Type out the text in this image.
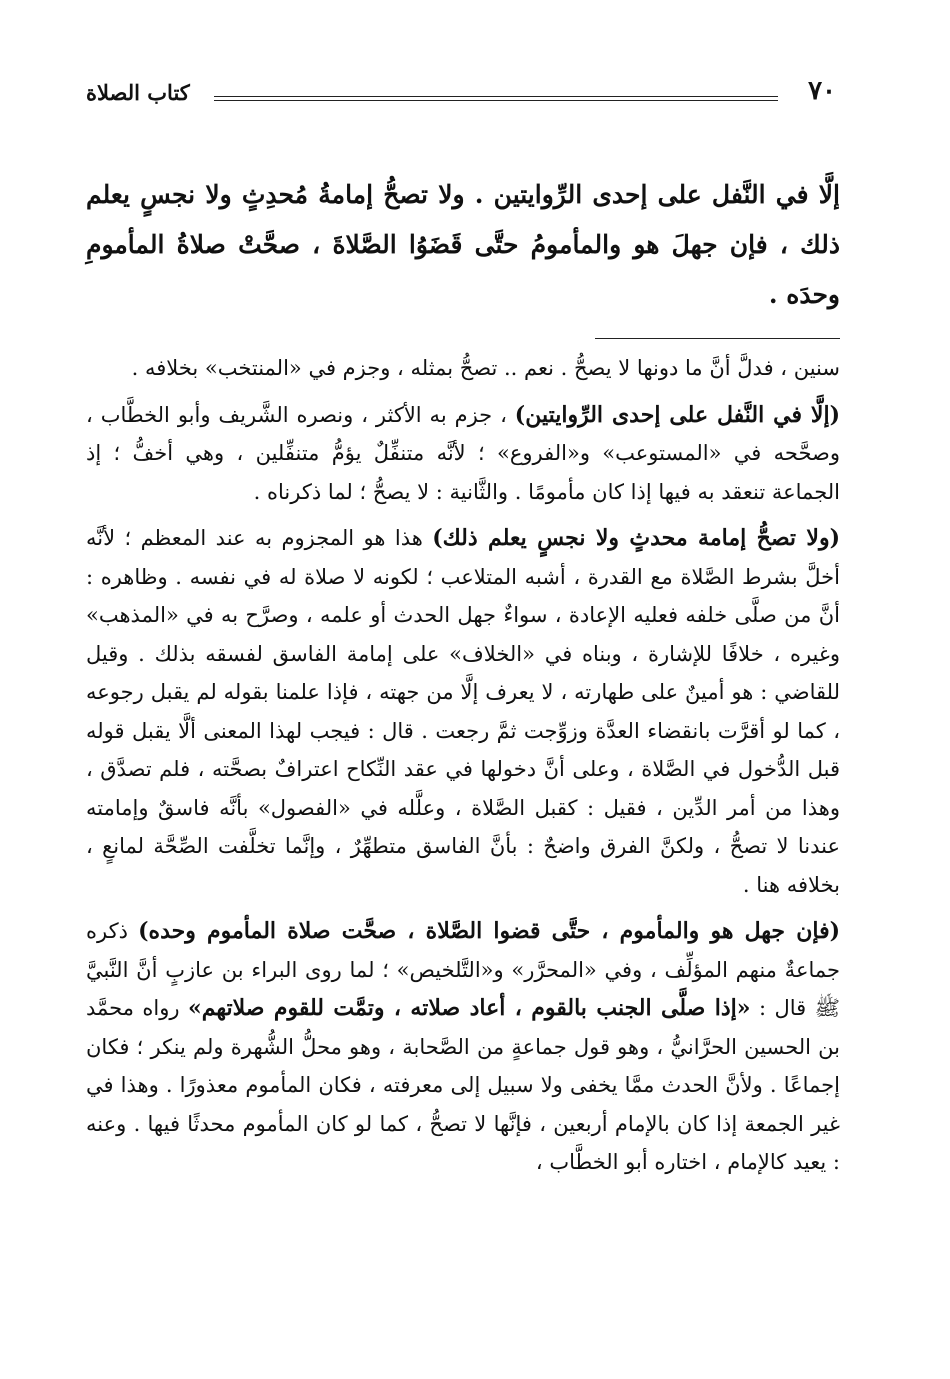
٧٠
كتاب الصلاة

إلَّا في النَّفل على إحدى الرِّوايتين . ولا تصحُّ إمامةُ مُحدِثٍ ولا نجسٍ يعلم ذلك ، فإن جهلَ هو والمأمومُ حتَّى قَضَوُا الصَّلاةَ ، صحَّتْ صلاةُ المأمومِ وحدَه .

سنين ، فدلَّ أنَّ ما دونها لا يصحُّ . نعم .. تصحُّ بمثله ، وجزم في «المنتخب» بخلافه .

(إلَّا في النَّفل على إحدى الرِّوايتين) ، جزم به الأكثر ، ونصره الشَّريف وأبو الخطَّاب ، وصحَّحه في «المستوعب» و«الفروع» ؛ لأنَّه متنفِّلٌ يؤمُّ متنفِّلين ، وهي أخفُّ ؛ إذ الجماعة تنعقد به فيها إذا كان مأمومًا . والثَّانية : لا يصحُّ ؛ لما ذكرناه .

(ولا تصحُّ إمامة محدثٍ ولا نجسٍ يعلم ذلك) هذا هو المجزوم به عند المعظم ؛ لأنَّه أخلَّ بشرط الصَّلاة مع القدرة ، أشبه المتلاعب ؛ لكونه لا صلاة له في نفسه . وظاهره : أنَّ من صلَّى خلفه فعليه الإعادة ، سواءٌ جهل الحدث أو علمه ، وصرَّح به في «المذهب» وغيره ، خلافًا للإشارة ، وبناه في «الخلاف» على إمامة الفاسق لفسقه بذلك . وقيل للقاضي : هو أمينٌ على طهارته ، لا يعرف إلَّا من جهته ، فإذا علمنا بقوله لم يقبل رجوعه ، كما لو أقرَّت بانقضاء العدَّة وزوِّجت ثمَّ رجعت . قال : فيجب لهذا المعنى ألَّا يقبل قوله قبل الدُّخول في الصَّلاة ، وعلى أنَّ دخولها في عقد النِّكاح اعترافٌ بصحَّته ، فلم تصدَّق ، وهذا من أمر الدِّين ، فقيل : كقبل الصَّلاة ، وعلَّله في «الفصول» بأنَّه فاسقٌ وإمامته عندنا لا تصحُّ ، ولكنَّ الفرق واضحٌ : بأنَّ الفاسق متطهِّرٌ ، وإنَّما تخلَّفت الصِّحَّة لمانعٍ ، بخلافه هنا .

(فإن جهل هو والمأموم ، حتَّى قضوا الصَّلاة ، صحَّت صلاة المأموم وحده) ذكره جماعةٌ منهم المؤلِّف ، وفي «المحرَّر» و«التَّلخيص» ؛ لما روى البراء بن عازبٍ أنَّ النَّبيَّ ﷺ قال : «إذا صلَّى الجنب بالقوم ، أعاد صلاته ، وتمَّت للقوم صلاتهم» رواه محمَّد بن الحسين الحرَّانيُّ ، وهو قول جماعةٍ من الصَّحابة ، وهو محلُّ الشُّهرة ولم ينكر ؛ فكان إجماعًا . ولأنَّ الحدث ممَّا يخفى ولا سبيل إلى معرفته ، فكان المأموم معذورًا . وهذا في غير الجمعة إذا كان بالإمام أربعين ، فإنَّها لا تصحُّ ، كما لو كان المأموم محدثًا فيها . وعنه : يعيد كالإمام ، اختاره أبو الخطَّاب ،
